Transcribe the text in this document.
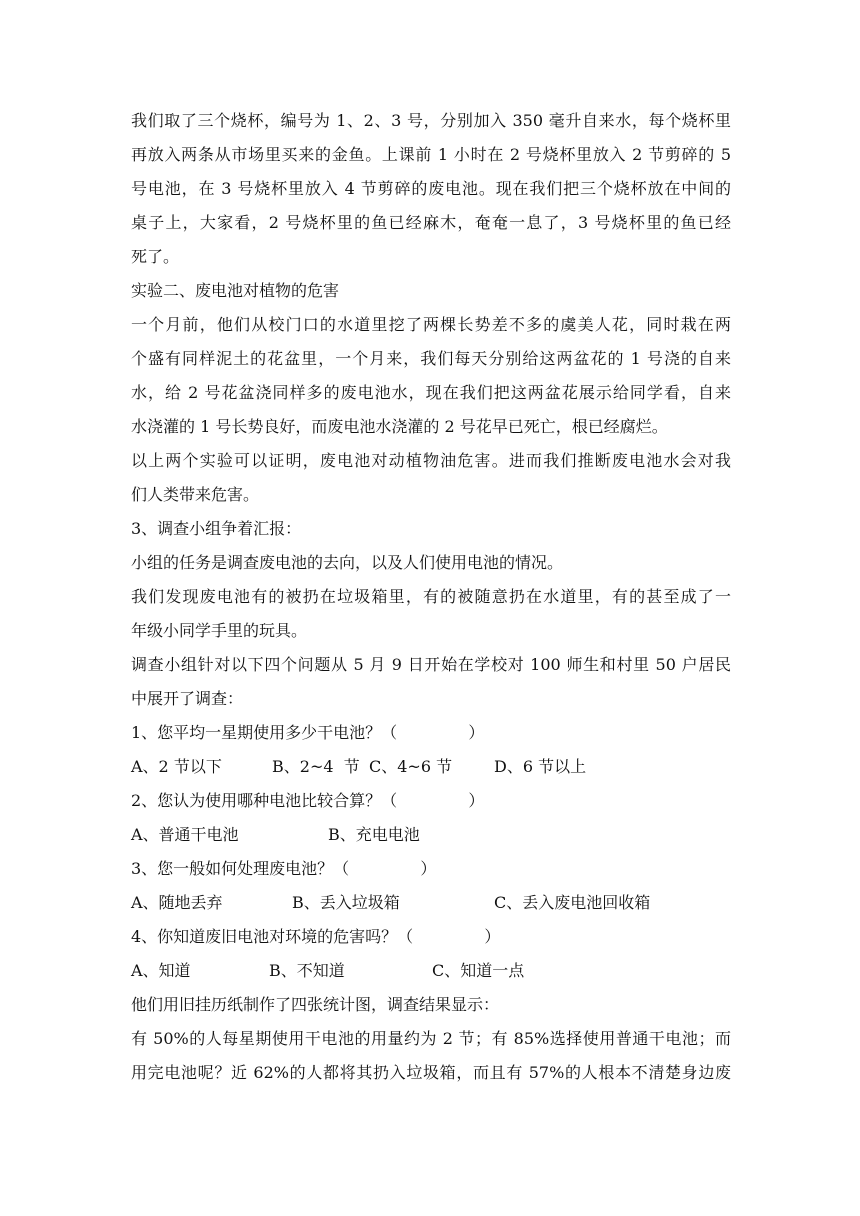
我们取了三个烧杯，编号为 1、2、3 号，分别加入 350 毫升自来水，每个烧杯里
再放入两条从市场里买来的金鱼。上课前 1 小时在 2 号烧杯里放入 2 节剪碎的 5
号电池，在 3 号烧杯里放入 4 节剪碎的废电池。现在我们把三个烧杯放在中间的
桌子上，大家看，2 号烧杯里的鱼已经麻木，奄奄一息了，3 号烧杯里的鱼已经
死了。
实验二、废电池对植物的危害
一个月前，他们从校门口的水道里挖了两棵长势差不多的虞美人花，同时栽在两
个盛有同样泥土的花盆里，一个月来，我们每天分别给这两盆花的 1 号浇的自来
水，给 2 号花盆浇同样多的废电池水，现在我们把这两盆花展示给同学看，自来
水浇灌的 1 号长势良好，而废电池水浇灌的 2 号花早已死亡，根已经腐烂。
以上两个实验可以证明，废电池对动植物油危害。进而我们推断废电池水会对我
们人类带来危害。
3、调查小组争着汇报：
小组的任务是调查废电池的去向，以及人们使用电池的情况。
我们发现废电池有的被扔在垃圾箱里，有的被随意扔在水道里，有的甚至成了一
年级小同学手里的玩具。
调查小组针对以下四个问题从 5 月 9 日开始在学校对 100 师生和村里 50 户居民
中展开了调查：
1、您平均一星期使用多少干电池？（              ）
A、2 节以下	B、2~4  节 C、4~6 节	D、6 节以上
2、您认为使用哪种电池比较合算？（              ）
A、普通干电池	B、充电电池
3、您一般如何处理废电池？（              ）
A、随地丢弃	B、丢入垃圾箱	C、丢入废电池回收箱
4、你知道废旧电池对环境的危害吗？（              ）
A、知道	B、不知道	C、知道一点
他们用旧挂历纸制作了四张统计图，调查结果显示：
有 50%的人每星期使用干电池的用量约为 2 节；有 85%选择使用普通干电池；而
用完电池呢？近 62%的人都将其扔入垃圾箱，而且有 57%的人根本不清楚身边废
